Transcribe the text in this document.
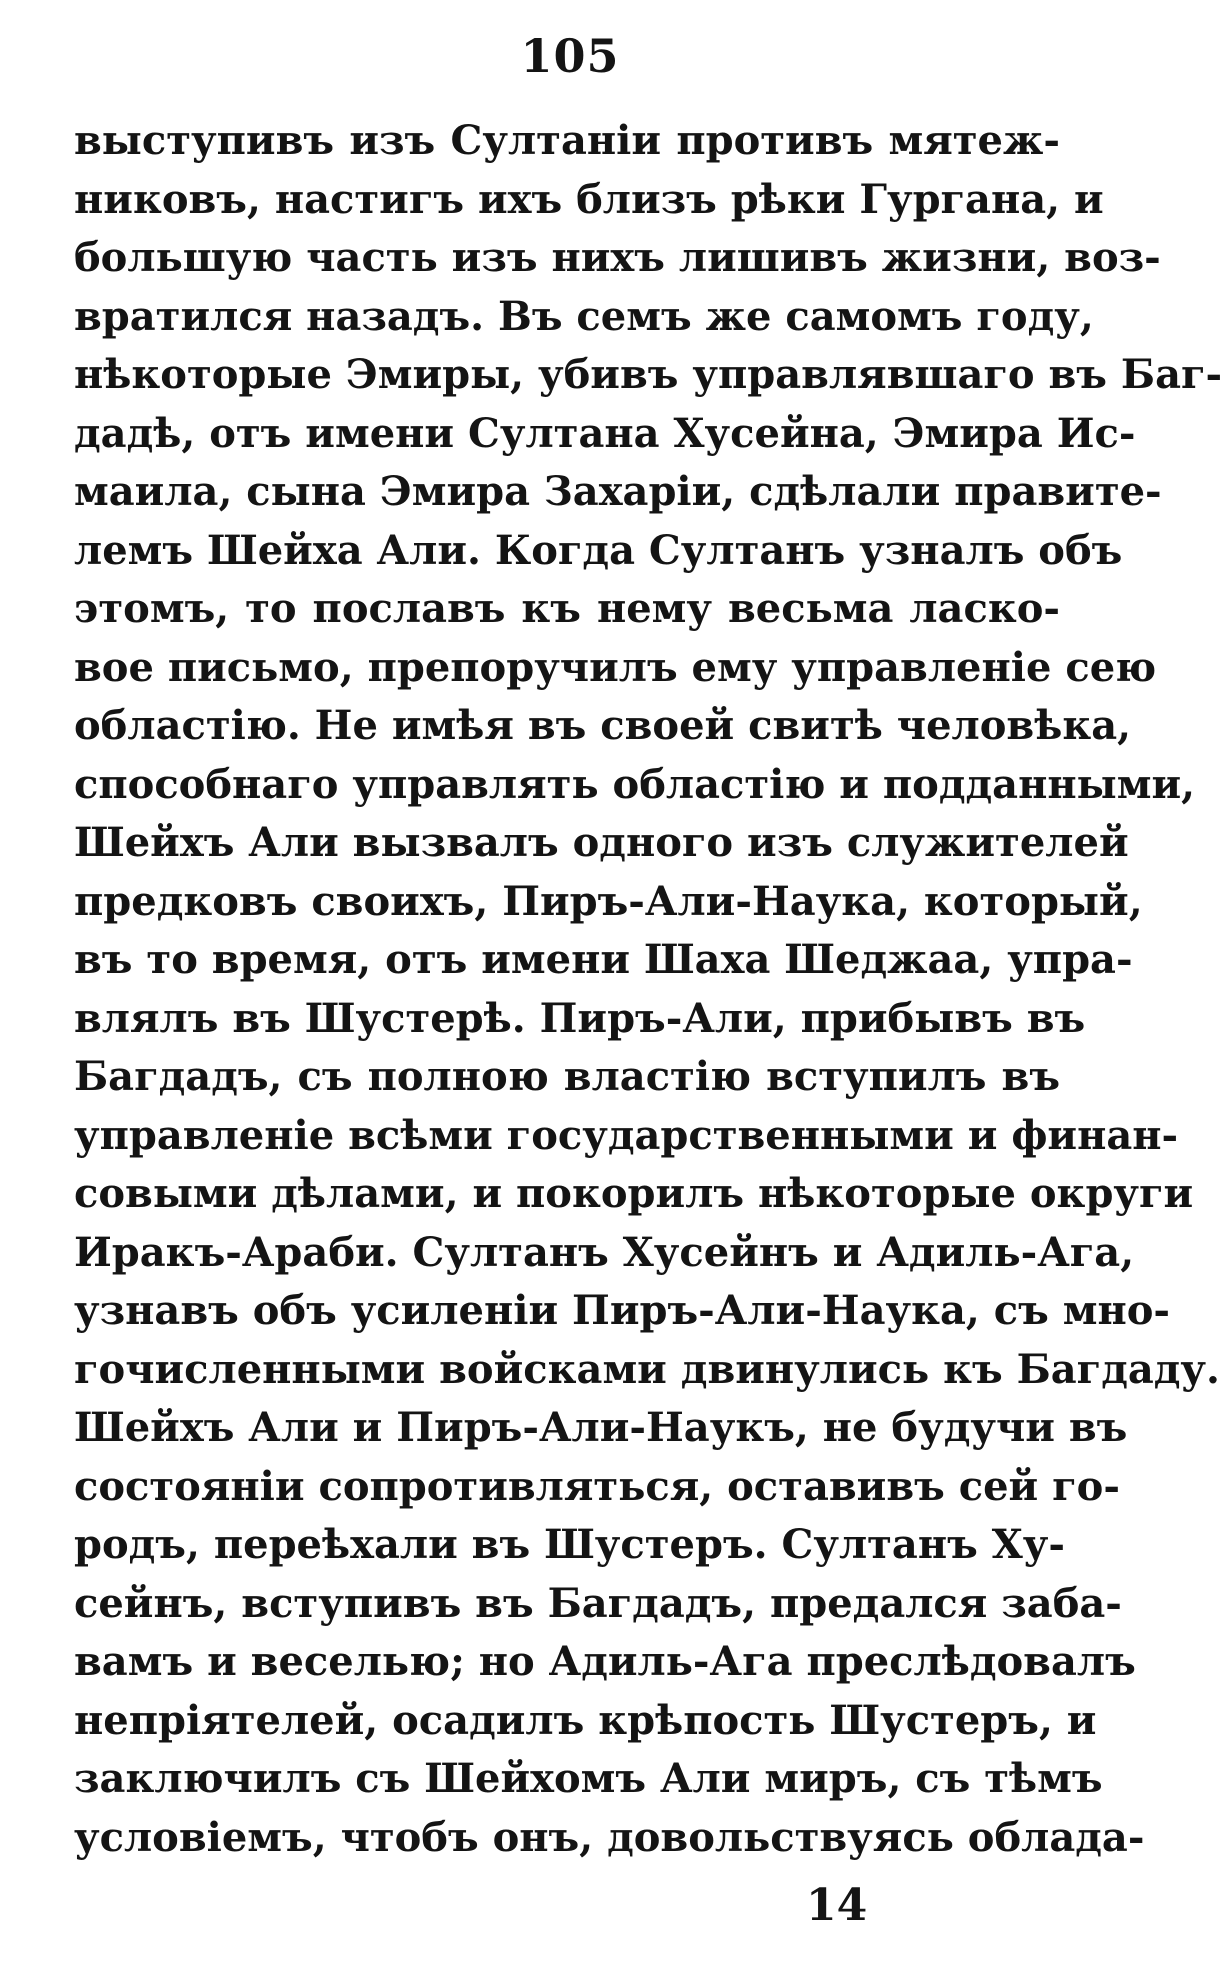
105
выступивъ изъ Султаніи противъ мятеж-
никовъ, настигъ ихъ близъ рѣки Гургана, и
большую часть изъ нихъ лишивъ жизни, воз-
вратился назадъ. Въ семъ же самомъ году,
нѣкоторые Эмиры, убивъ управлявшаго въ Баг-
дадѣ, отъ имени Султана Хусейна, Эмира Ис-
маила, сына Эмира Захаріи, сдѣлали правите-
лемъ Шейха Али. Когда Султанъ узналъ объ
этомъ, то пославъ къ нему весьма ласко-
вое письмо, препоручилъ ему управленіе сею
областію. Не имѣя въ своей свитѣ человѣка,
способнаго управлять областію и подданными,
Шейхъ Али вызвалъ одного изъ служителей
предковъ своихъ, Пиръ-Али-Наука, который,
въ то время, отъ имени Шаха Шеджаа, упра-
влялъ въ Шустерѣ. Пиръ-Али, прибывъ въ
Багдадъ, съ полною властію вступилъ въ
управленіе всѣми государственными и финан-
совыми дѣлами, и покорилъ нѣкоторые округи
Иракъ-Араби. Султанъ Хусейнъ и Адиль-Ага,
узнавъ объ усиленіи Пиръ-Али-Наука, съ мно-
гочисленными войсками двинулись къ Багдаду.
Шейхъ Али и Пиръ-Али-Наукъ, не будучи въ
состояніи сопротивляться, оставивъ сей го-
родъ, переѣхали въ Шустеръ. Султанъ Ху-
сейнъ, вступивъ въ Багдадъ, предался заба-
вамъ и веселью; но Адиль-Ага преслѣдовалъ
непріятелей, осадилъ крѣпость Шустеръ, и
заключилъ съ Шейхомъ Али миръ, съ тѣмъ
условіемъ, чтобъ онъ, довольствуясь облада-
14
